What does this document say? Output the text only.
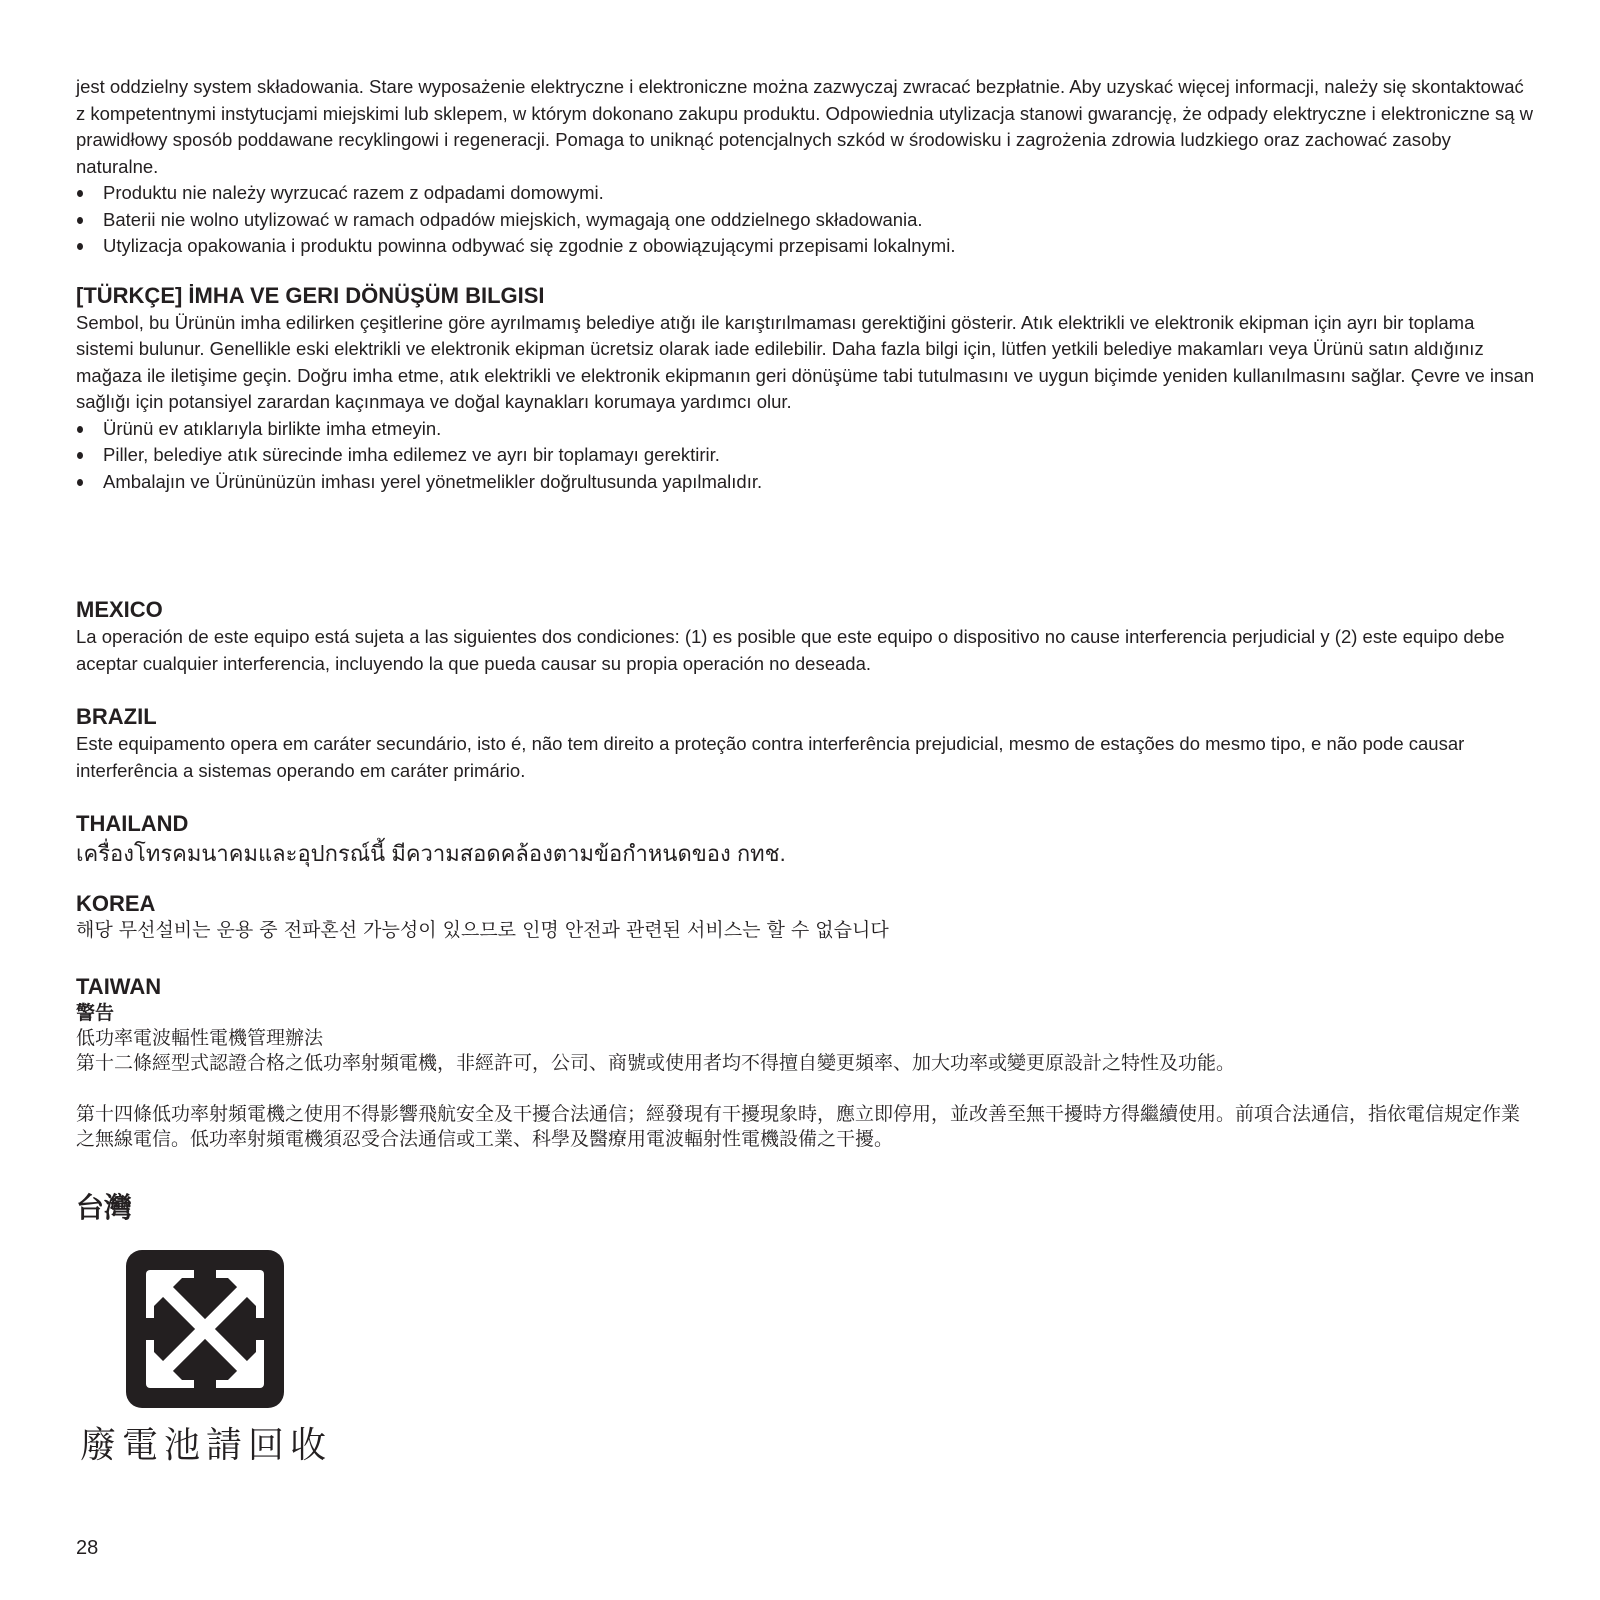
jest oddzielny system składowania. Stare wyposażenie elektryczne i elektroniczne można zazwyczaj zwracać bezpłatnie. Aby uzyskać więcej informacji, należy się skontaktować z kompetentnymi instytucjami miejskimi lub sklepem, w którym dokonano zakupu produktu. Odpowiednia utylizacja stanowi gwarancję, że odpady elektryczne i elektroniczne są w prawidłowy sposób poddawane recyklingowi i regeneracji. Pomaga to uniknąć potencjalnych szkód w środowisku i zagrożenia zdrowia ludzkiego oraz zachować zasoby naturalne.

Produktu nie należy wyrzucać razem z odpadami domowymi.
Baterii nie wolno utylizować w ramach odpadów miejskich, wymagają one oddzielnego składowania.
Utylizacja opakowania i produktu powinna odbywać się zgodnie z obowiązującymi przepisami lokalnymi.
[TÜRKÇE] İMHA VE GERI DÖNÜŞÜM BILGISI

Sembol, bu Ürünün imha edilirken çeşitlerine göre ayrılmamış belediye atığı ile karıştırılmaması gerektiğini gösterir. Atık elektrikli ve elektronik ekipman için ayrı bir toplama sistemi bulunur. Genellikle eski elektrikli ve elektronik ekipman ücretsiz olarak iade edilebilir. Daha fazla bilgi için, lütfen yetkili belediye makamları veya Ürünü satın aldığınız mağaza ile iletişime geçin. Doğru imha etme, atık elektrikli ve elektronik ekipmanın geri dönüşüme tabi tutulmasını ve uygun biçimde yeniden kullanılmasını sağlar. Çevre ve insan sağlığı için potansiyel zarardan kaçınmaya ve doğal kaynakları korumaya yardımcı olur.

Ürünü ev atıklarıyla birlikte imha etmeyin.
Piller, belediye atık sürecinde imha edilemez ve ayrı bir toplamayı gerektirir.
Ambalajın ve Ürününüzün imhası yerel yönetmelikler doğrultusunda yapılmalıdır.
MEXICO

La operación de este equipo está sujeta a las siguientes dos condiciones: (1) es posible que este equipo o dispositivo no cause interferencia perjudicial y (2) este equipo debe aceptar cualquier interferencia, incluyendo la que pueda causar su propia operación no deseada.

BRAZIL

Este equipamento opera em caráter secundário, isto é, não tem direito a proteção contra interferência prejudicial, mesmo de estações do mesmo tipo, e não pode causar interferência a sistemas operando em caráter primário.

THAILAND

เครื่องโทรคมนาคมและอุปกรณ์นี้ มีความสอดคล้องตามข้อกำหนดของ กทช.

KOREA

해당 무선설비는 운용 중 전파혼선 가능성이 있으므로 인명 안전과 관련된 서비스는 할 수 없습니다

TAIWAN
警告

低功率電波輻性電機管理辦法

第十二條經型式認證合格之低功率射頻電機，非經許可，公司、商號或使用者均不得擅自變更頻率、加大功率或變更原設計之特性及功能。

第十四條低功率射頻電機之使用不得影響飛航安全及干擾合法通信；經發現有干擾現象時，應立即停用，並改善至無干擾時方得繼續使用。前項合法通信，指依電信規定作業之無線電信。低功率射頻電機須忍受合法通信或工業、科學及醫療用電波輻射性電機設備之干擾。

台灣
廢電池請回收
28
